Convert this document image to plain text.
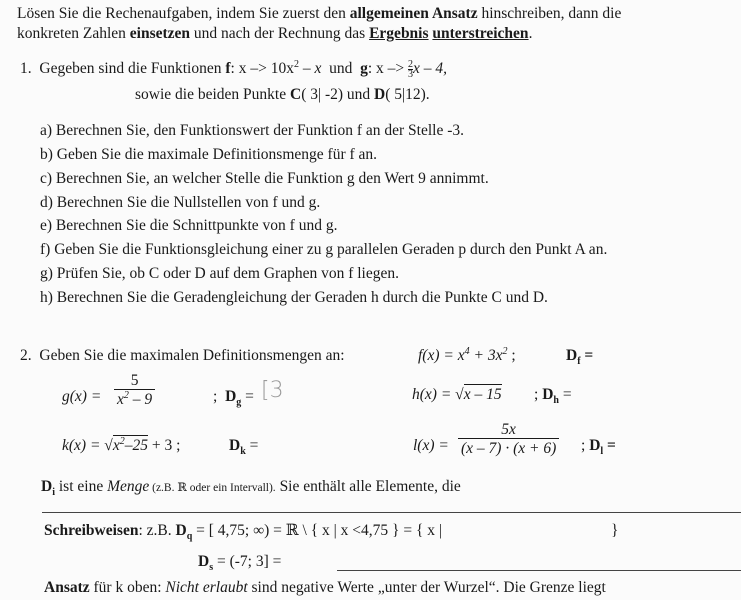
Lösen Sie die Rechenaufgaben, indem Sie zuerst den allgemeinen Ansatz hinschreiben, dann die
konkreten Zahlen einsetzen und nach der Rechnung das Ergebnis unterstreichen.
1. Gegeben sind die Funktionen f: $x -> 10x^2 - x$ und g: $x -> \frac{2}{3}$ x – 4,
sowie die beiden Punkte C( 3| -2) und D( 5|12).
a) Berechnen Sie, den Funktionswert der Funktion f an der Stelle -3.
b) Geben Sie die maximale Definitionsmenge für f an.
c) Berechnen Sie, an welcher Stelle die Funktion g den Wert 9 annimmt.
d) Berechnen Sie die Nullstellen von f und g.
e) Berechnen Sie die Schnittpunkte von f und g.
f) Geben Sie die Funktionsgleichung einer zu g parallelen Geraden p durch den Punkt A an.
g) Prüfen Sie, ob C oder D auf dem Graphen von f liegen.
h) Berechnen Sie die Geradengleichung der Geraden h durch die Punkte C und D.
2. Geben Sie die maximalen Definitionsmengen an:	$f(x) = x^4 + 3x^2$ ;	$D_f$ =
$g(x) = \frac{5}{x^2 - 9}$	; $D_g = [3$	h(x) = √x – 15 ; $D_h$ =
$k(x) = √x^2-25 + 3$ ;	$D_k$ =	$l(x) = \frac{5x}{(x - 7) \cdot (x + 6)}$ ; $D_l$ =
$D_i$ ist eine Menge (z.B. ℝ oder ein Intervall). Sie enthält alle Elemente, die
Schreibweisen: z.B. $D_q$ = [ 4,75; ∞) = ℝ \ { x | x <4,75 } = { x |	}
$D_s = (-7$; 3] =
Ansatz für k oben: Nicht erlaubt sind negative Werte „unter der Wurzel“. Die Grenze liegt
